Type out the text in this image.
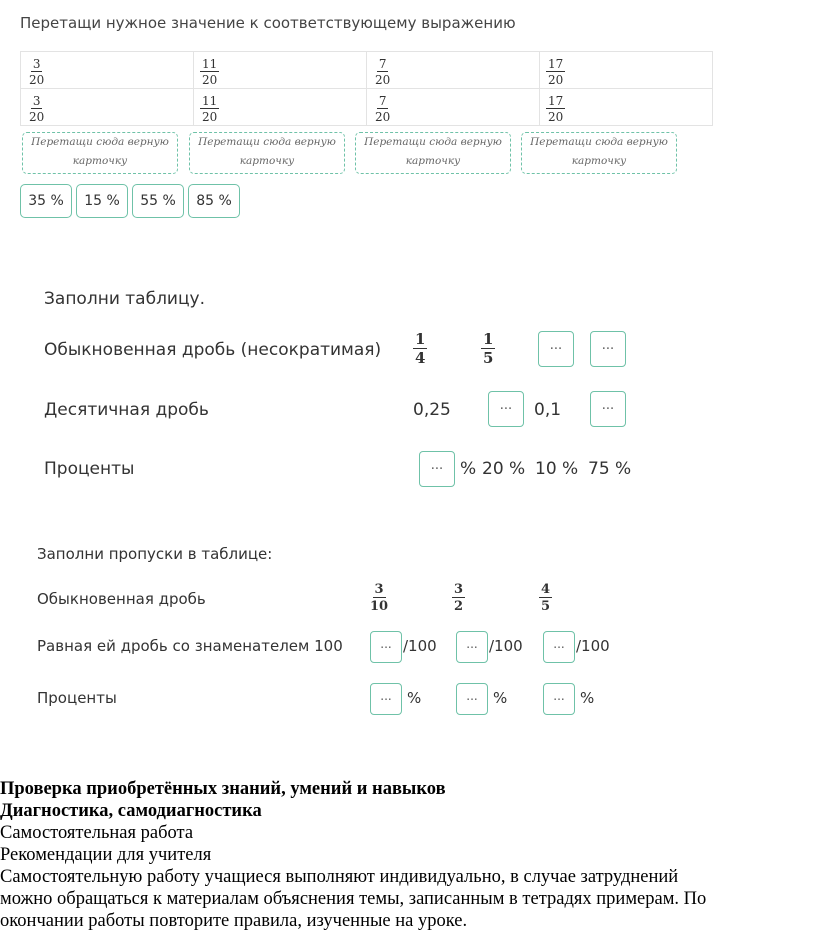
Перетащи нужное значение к соответствующему выражению
$\frac{3}{20}$	$\frac{11}{20}$	$\frac{7}{20}$	$\frac{17}{20}$

$\frac{3}{20}$	$\frac{11}{20}$	$\frac{7}{20}$	$\frac{17}{20}$
Перетащи сюда верную
карточку
Перетащи сюда верную
карточку
Перетащи сюда верную
карточку
Перетащи сюда верную
карточку
35 %	15 %	55 %	85 %
Заполни таблицу.
Обыкновенная дробь (несократимая) $\frac{1}{4}$	$\frac{1}{5}$	...	...
Десятичная дробь	0,25	...	0,1	...
Проценты	... % 20 % 10 % 75 %
Заполни пропуски в таблице:
Обыкновенная дробь	$\frac{3}{10}$	$\frac{3}{2}$	$\frac{4}{5}$
Равная ей дробь со знаменателем 100	... /100	... /100	... /100
Проценты	...	%	...	%	...	%
Проверка приобретённых знаний, умений и навыков
Диагностика, самодиагностика
Самостоятельная работа
Рекомендации для учителя
Самостоятельную работу учащиеся выполняют индивидуально, в случае затруднений
можно обращаться к материалам объяснения темы, записанным в тетрадях примерам. По
окончании работы повторите правила, изученные на уроке.
